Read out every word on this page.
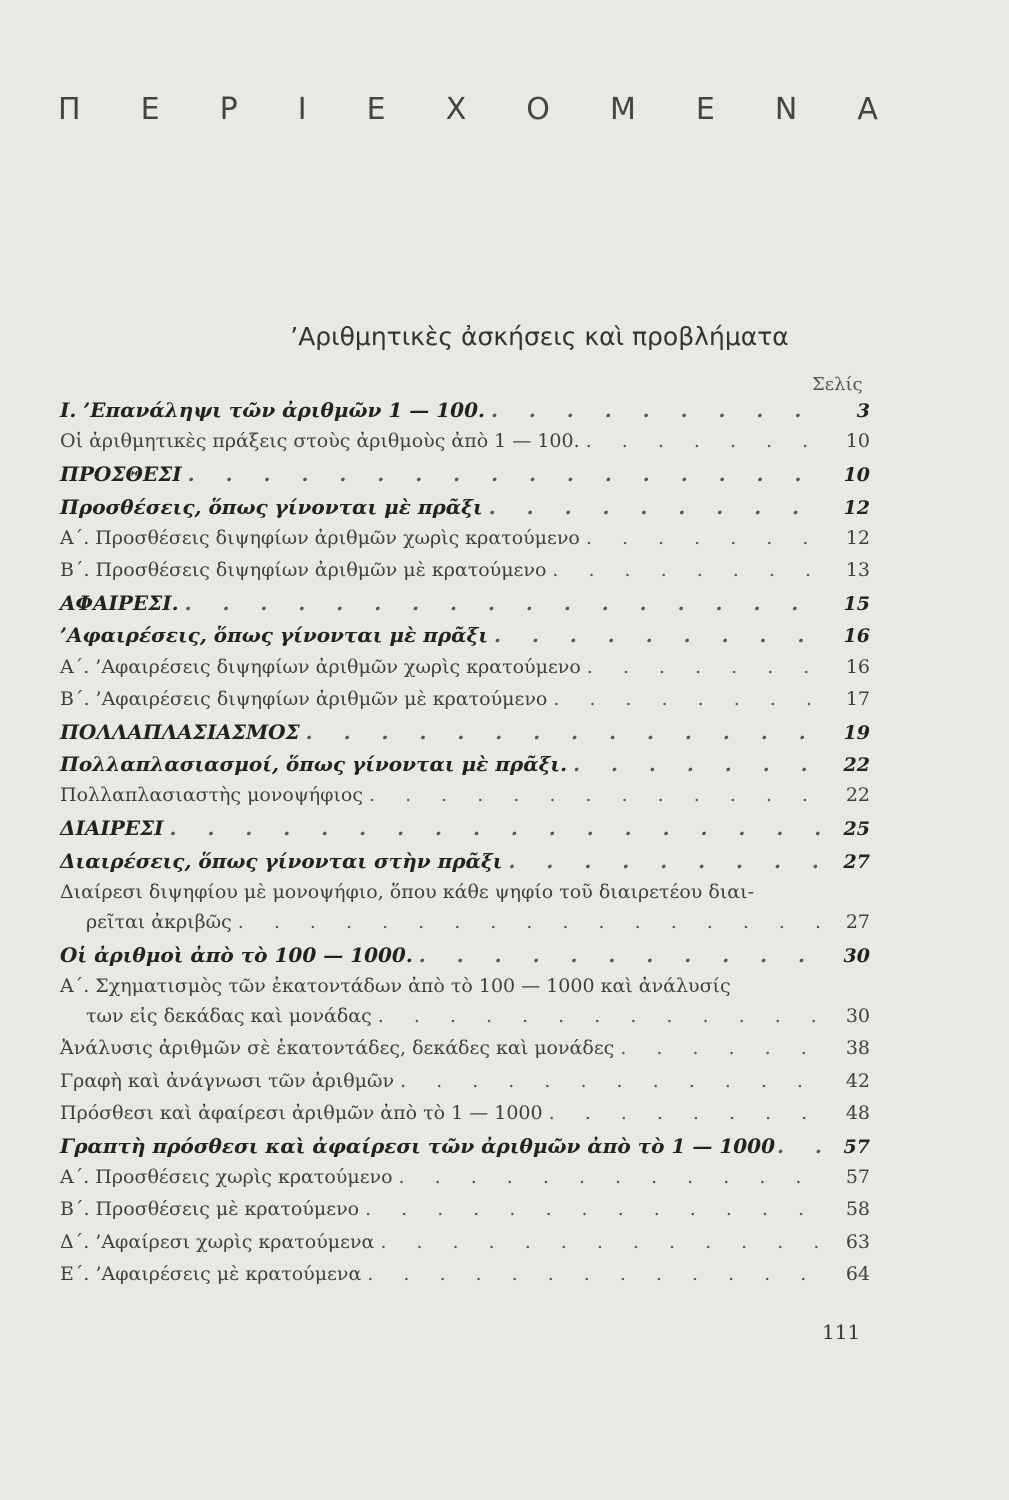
Π Ε Ρ Ι Ε Χ Ο Μ Ε Ν Α
’Αριθμητικὲς ἀσκήσεις καὶ προβλήματα
Σελίς
I. ’Επανάληψι τῶν ἀριθμῶν 1 — 100. . . .	3
Οἱ ἀριθμητικὲς πράξεις στοὺς ἀριθμοὺς ἀπὸ 1 — 100. . . .	10
ΠΡΟΣΘΕΣΙ . . .	10
Προσθέσεις, ὅπως γίνονται μὲ πρᾶξι . . .	12
Α΄. Προσθέσεις διψηφίων ἀριθμῶν χωρὶς κρατούμενο . . .	12
Β΄. Προσθέσεις διψηφίων ἀριθμῶν μὲ κρατούμενο . . .	13
ΑΦΑΙΡΕΣΙ. . . .	15
’Αφαιρέσεις, ὅπως γίνονται μὲ πρᾶξι . . .	16
Α΄. ’Αφαιρέσεις διψηφίων ἀριθμῶν χωρὶς κρατούμενο . . .	16
Β΄. ’Αφαιρέσεις διψηφίων ἀριθμῶν μὲ κρατούμενο . . .	17
ΠΟΛΛΑΠΛΑΣΙΑΣΜΟΣ . . .	19
Πολλαπλασιασμοί, ὅπως γίνονται μὲ πρᾶξι. . . .	22
Πολλαπλασιαστὴς μονοψήφιος . . .	22
ΔΙΑΙΡΕΣΙ . . .	25
Διαιρέσεις, ὅπως γίνονται στὴν πρᾶξι . . .	27
Διαίρεσι διψηφίου μὲ μονοψήφιο, ὅπου κάθε ψηφίο τοῦ διαιρετέου διαι-
ρεῖται ἀκριβῶς . . .	27
Οἱ ἀριθμοὶ ἀπὸ τὸ 100 — 1000. . . .	30
Α΄. Σχηματισμὸς τῶν ἑκατοντάδων ἀπὸ τὸ 100 — 1000 καὶ ἀνάλυσίς
των εἰς δεκάδας καὶ μονάδας . . .	30
Ἀνάλυσις ἀριθμῶν σὲ ἑκατοντάδες, δεκάδες καὶ μονάδες . . .	38
Γραφὴ καὶ ἀνάγνωσι τῶν ἀριθμῶν . . .	42
Πρόσθεσι καὶ ἀφαίρεσι ἀριθμῶν ἀπὸ τὸ 1 — 1000 . . .	48
Γραπτὴ πρόσθεσι καὶ ἀφαίρεσι τῶν ἀριθμῶν ἀπὸ τὸ 1 — 1000 . . .	57
Α΄. Προσθέσεις χωρὶς κρατούμενο . . .	57
Β΄. Προσθέσεις μὲ κρατούμενο . . .	58
Δ΄. ’Αφαίρεσι χωρὶς κρατούμενα . . .	63
Ε΄. ’Αφαιρέσεις μὲ κρατούμενα . . .	64
111
